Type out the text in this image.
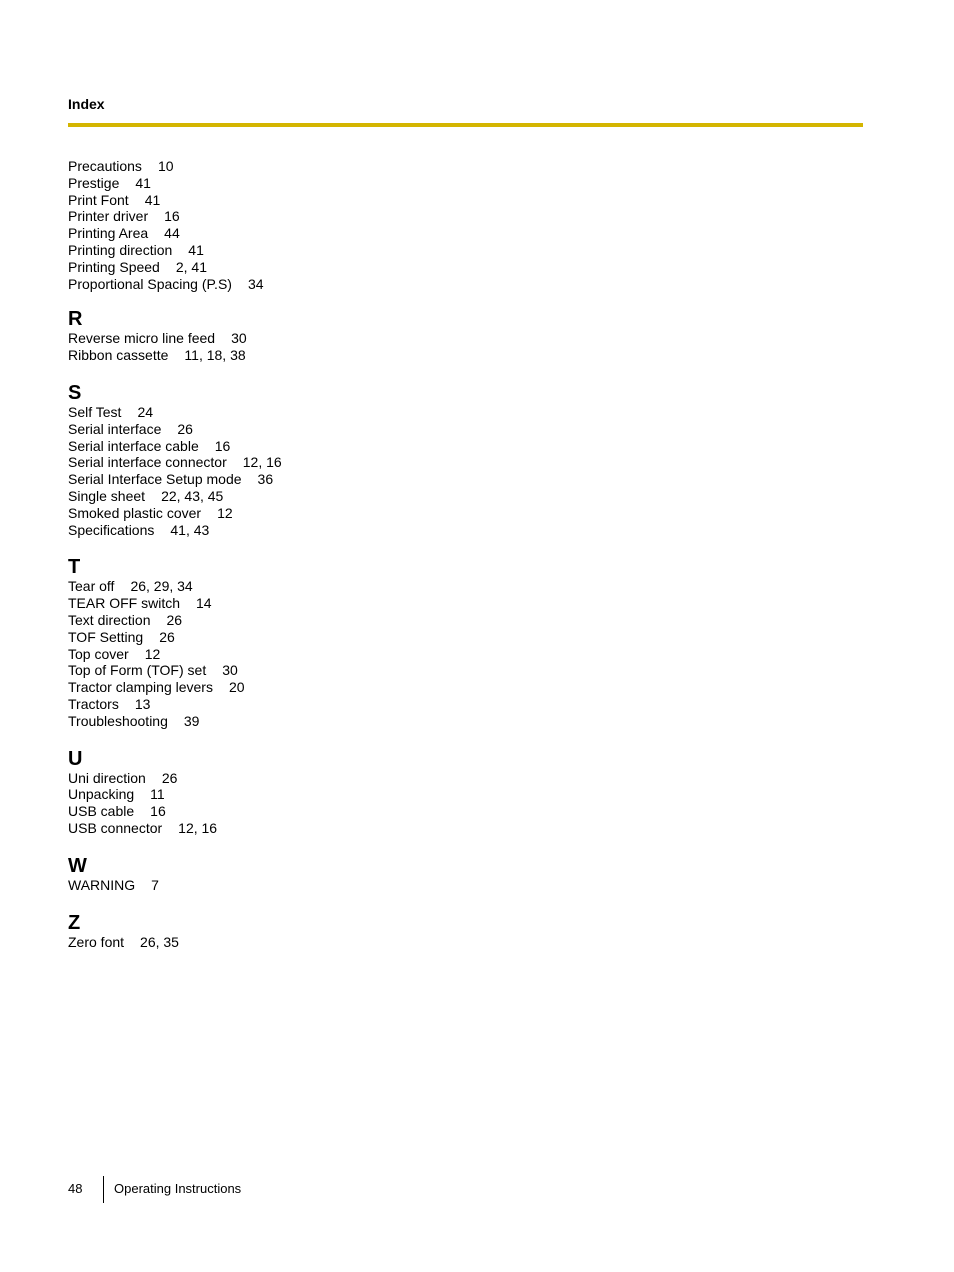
Index
Precautions 10
Prestige 41
Print Font 41
Printer driver 16
Printing Area 44
Printing direction 41
Printing Speed 2, 41
Proportional Spacing (P.S) 34
R
Reverse micro line feed 30
Ribbon cassette 11, 18, 38
S
Self Test 24
Serial interface 26
Serial interface cable 16
Serial interface connector 12, 16
Serial Interface Setup mode 36
Single sheet 22, 43, 45
Smoked plastic cover 12
Specifications 41, 43
T
Tear off 26, 29, 34
TEAR OFF switch 14
Text direction 26
TOF Setting 26
Top cover 12
Top of Form (TOF) set 30
Tractor clamping levers 20
Tractors 13
Troubleshooting 39
U
Uni direction 26
Unpacking 11
USB cable 16
USB connector 12, 16
W
WARNING 7
Z
Zero font 26, 35
48 Operating Instructions
